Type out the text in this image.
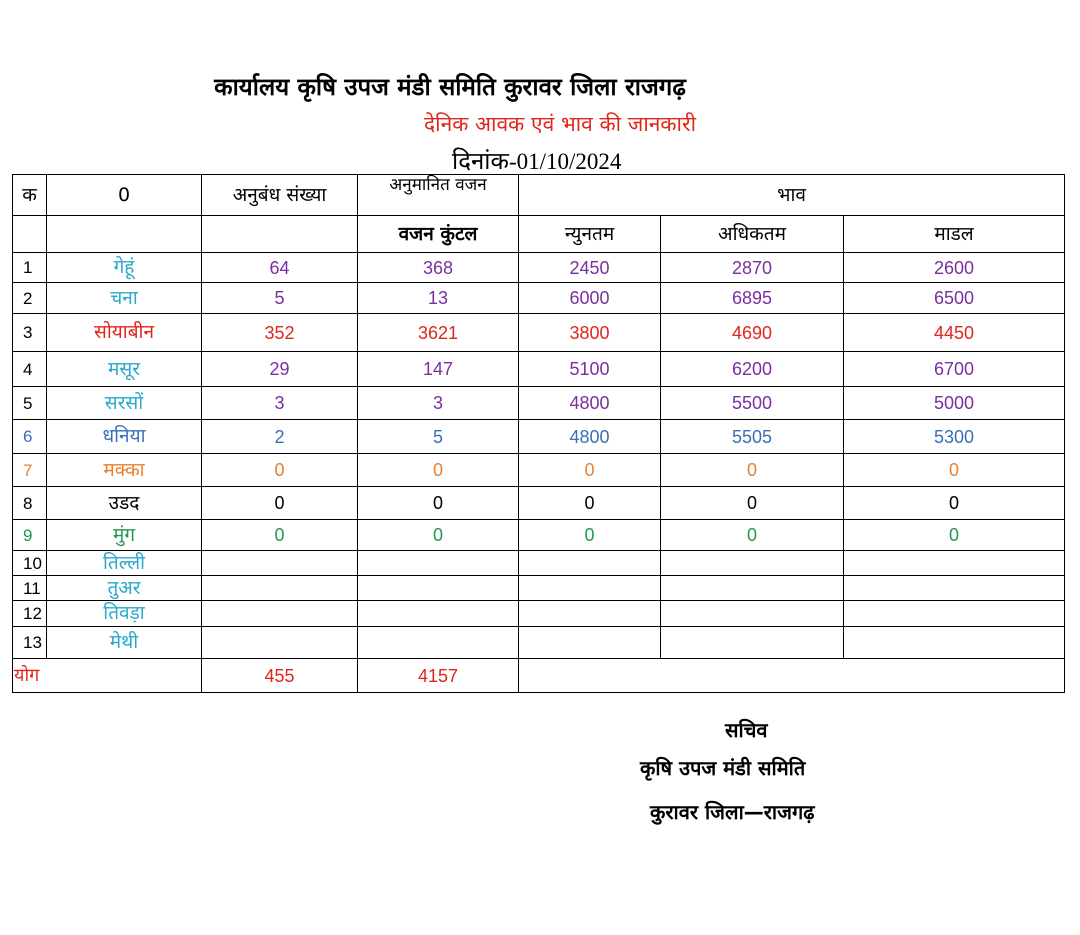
कार्यालय कृषि उपज मंडी समिति कुरावर जिला राजगढ़
देनिक आवक एवं भाव की जानकारी
दिनांक-01/10/2024
क	0	अनुबंध संख्या	अनुमानित वजन	भाव		
			वजन कुंटल	न्युनतम	अधिकतम	माडल
1	गेहूं	64	368	2450	2870	2600
2	चना	5	13	6000	6895	6500
3	सोयाबीन	352	3621	3800	4690	4450
4	मसूर	29	147	5100	6200	6700
5	सरसों	3	3	4800	5500	5000
6	धनिया	2	5	4800	5505	5300
7	मक्का	0	0	0	0	0
8	उडद	0	0	0	0	0
9	मुंग	0	0	0	0	0
10	तिल्ली					
11	तुअर					
12	तिवड़ा					
13	मेथी					
योग		455	4157			
सचिव
कृषि उपज मंडी समिति
कुरावर जिला—राजगढ़
